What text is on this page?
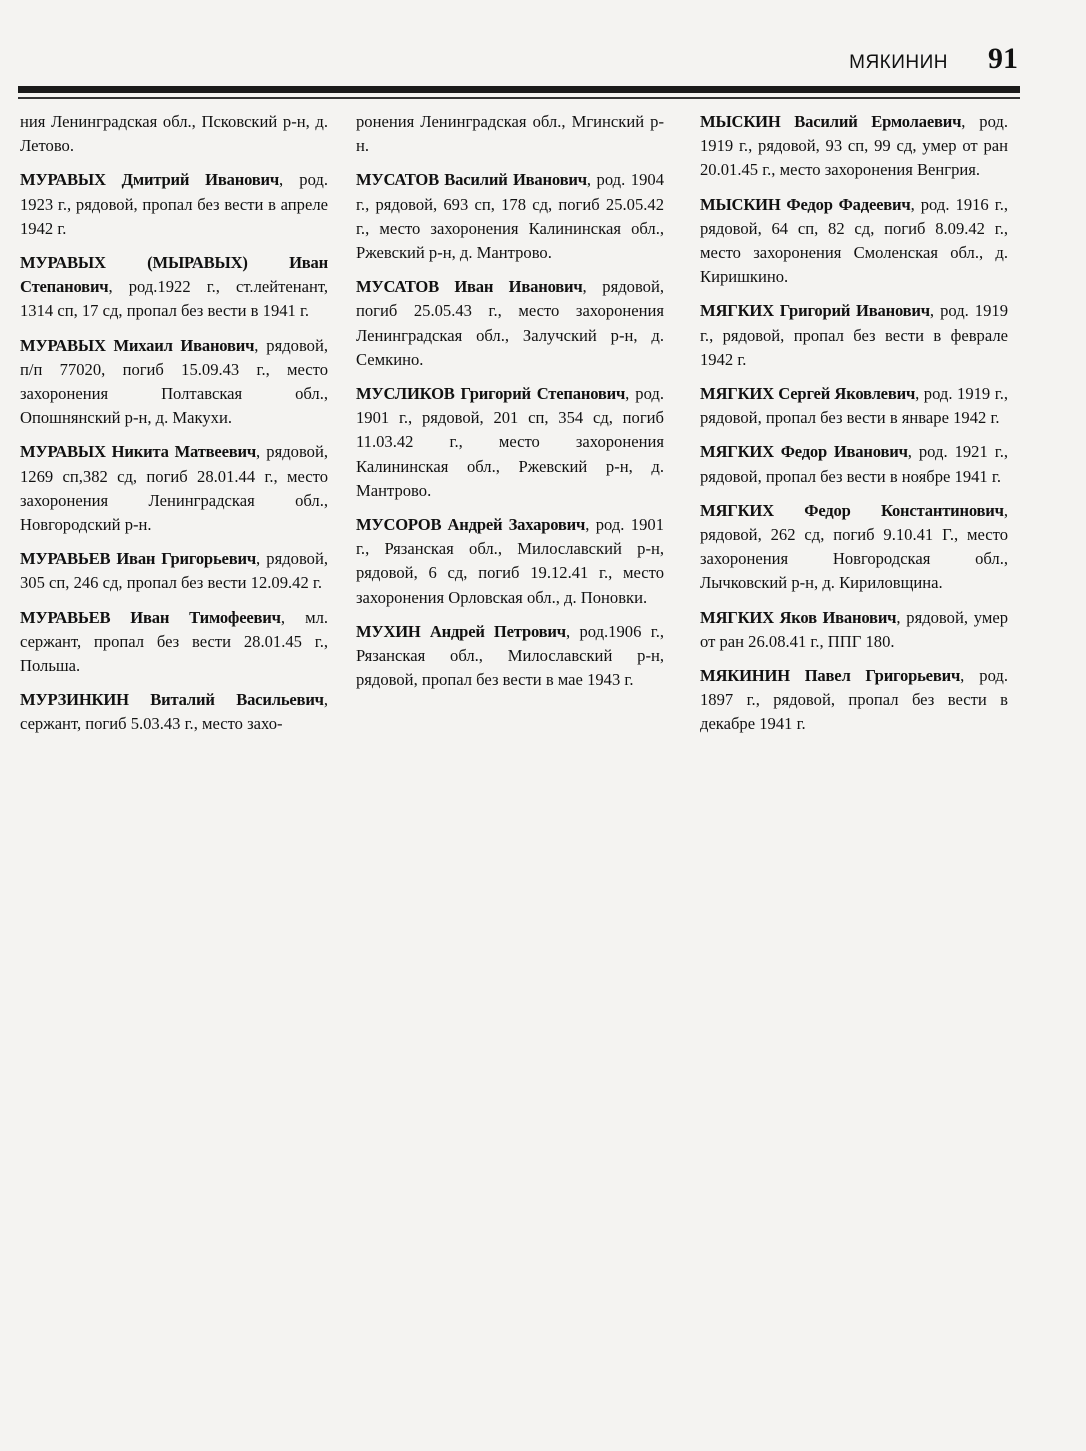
МЯКИНИН 91
ния Ленинградская обл., Псковский р-н, д. Летово.
МУРАВЫХ Дмитрий Иванович, род. 1923 г., рядовой, пропал без вести в апреле 1942 г.
МУРАВЫХ (МЫРАВЫХ) Иван Степанович, род.1922 г., ст.лейтенант, 1314 сп, 17 сд, пропал без вести в 1941 г.
МУРАВЫХ Михаил Иванович, рядовой, п/п 77020, погиб 15.09.43 г., место захоронения Полтавская обл., Опошнянский р-н, д. Макухи.
МУРАВЫХ Никита Матвеевич, рядовой, 1269 сп,382 сд, погиб 28.01.44 г., место захоронения Ленинградская обл., Новгородский р-н.
МУРАВЬЕВ Иван Григорьевич, рядовой, 305 сп, 246 сд, пропал без вести 12.09.42 г.
МУРАВЬЕВ Иван Тимофеевич, мл. сержант, пропал без вести 28.01.45 г., Польша.
МУРЗИНКИН Виталий Васильевич, сержант, погиб 5.03.43 г., место захо-
ронения Ленинградская обл., Мгинский р-н.
МУСАТОВ Василий Иванович, род. 1904 г., рядовой, 693 сп, 178 сд, погиб 25.05.42 г., место захоронения Калининская обл., Ржевский р-н, д. Мантрово.
МУСАТОВ Иван Иванович, рядовой, погиб 25.05.43 г., место захоронения Ленинградская обл., Залучский р-н, д. Семкино.
МУСЛИКОВ Григорий Степанович, род. 1901 г., рядовой, 201 сп, 354 сд, погиб 11.03.42 г., место захоронения Калининская обл., Ржевский р-н, д. Мантрово.
МУСОРОВ Андрей Захарович, род. 1901 г., Рязанская обл., Милославский р-н, рядовой, 6 сд, погиб 19.12.41 г., место захоронения Орловская обл., д. Поновки.
МУХИН Андрей Петрович, род.1906 г., Рязанская обл., Милославский р-н, рядовой, пропал без вести в мае 1943 г.
МЫСКИН Василий Ермолаевич, род. 1919 г., рядовой, 93 сп, 99 сд, умер от ран 20.01.45 г., место захоронения Венгрия.
МЫСКИН Федор Фадеевич, род. 1916 г., рядовой, 64 сп, 82 сд, погиб 8.09.42 г., место захоронения Смоленская обл., д. Киришкино.
МЯГКИХ Григорий Иванович, род. 1919 г., рядовой, пропал без вести в феврале 1942 г.
МЯГКИХ Сергей Яковлевич, род. 1919 г., рядовой, пропал без вести в январе 1942 г.
МЯГКИХ Федор Иванович, род. 1921 г., рядовой, пропал без вести в ноябре 1941 г.
МЯГКИХ Федор Константинович, рядовой, 262 сд, погиб 9.10.41 Г., место захоронения Новгородская обл., Лычковский р-н, д. Кириловщина.
МЯГКИХ Яков Иванович, рядовой, умер от ран 26.08.41 г., ППГ 180.
МЯКИНИН Павел Григорьевич, род. 1897 г., рядовой, пропал без вести в декабре 1941 г.
